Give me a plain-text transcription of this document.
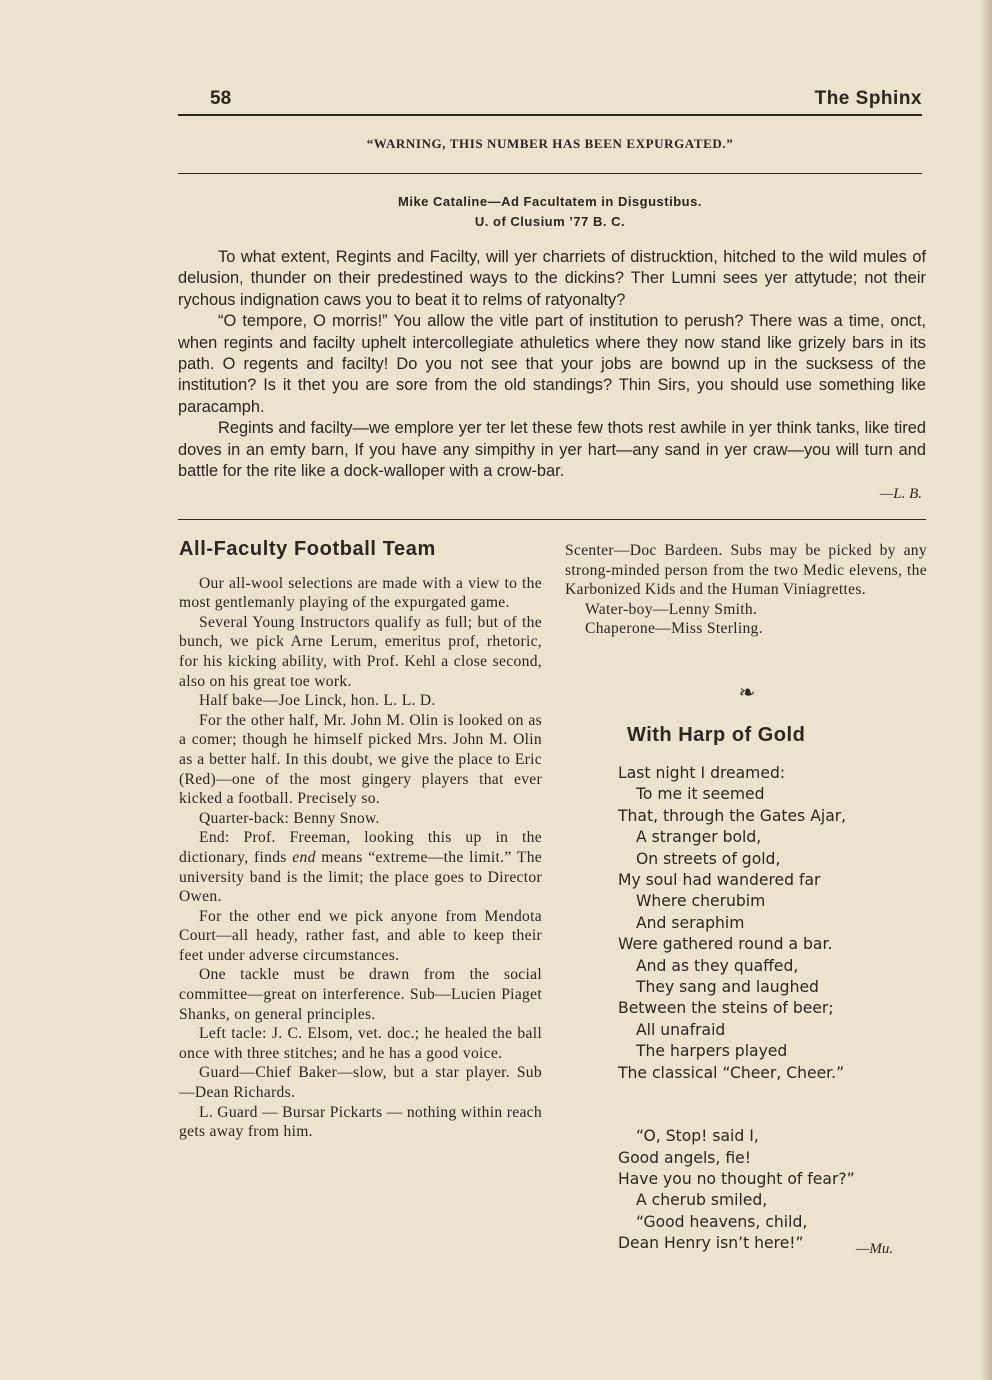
58	The Sphinx
“WARNING, THIS NUMBER HAS BEEN EXPURGATED.”
Mike Cataline—Ad Facultatem in Disgustibus.
U. of Clusium ’77 B. C.

To what extent, Regints and Facilty, will yer charriets of distrucktion, hitched to the wild mules of delusion, thunder on their predestined ways to the dickins? Ther Lumni sees yer attytude; not their rychous indignation caws you to beat it to relms of ratyonalty?

“O tempore, O morris!” You allow the vitle part of institution to perush? There was a time, onct, when regints and facilty uphelt intercollegiate athuletics where they now stand like grizely bars in its path. O regents and facilty! Do you not see that your jobs are bownd up in the sucksess of the institution? Is it thet you are sore from the old standings? Thin Sirs, you should use something like paracamph.

Regints and facilty—we emplore yer ter let these few thots rest awhile in yer think tanks, like tired doves in an emty barn, If you have any simpithy in yer hart—any sand in yer craw—you will turn and battle for the rite like a dock-walloper with a crow-bar.

—L. B.
All-Faculty Football Team

Our all-wool selections are made with a view to the most gentlemanly playing of the expurgated game.

Several Young Instructors qualify as full; but of the bunch, we pick Arne Lerum, emeritus prof, rhetoric, for his kicking ability, with Prof. Kehl a close second, also on his great toe work.

Half bake—Joe Linck, hon. L. L. D.

For the other half, Mr. John M. Olin is looked on as a comer; though he himself picked Mrs. John M. Olin as a better half. In this doubt, we give the place to Eric (Red)—one of the most gingery players that ever kicked a football. Precisely so.

Quarter-back: Benny Snow.

End: Prof. Freeman, looking this up in the dictionary, finds end means “extreme—the limit.” The university band is the limit; the place goes to Director Owen.

For the other end we pick anyone from Mendota Court—all heady, rather fast, and able to keep their feet under adverse circumstances.

One tackle must be drawn from the social committee—great on interference. Sub—Lucien Piaget Shanks, on general principles.

Left tacle: J. C. Elsom, vet. doc.; he healed the ball once with three stitches; and he has a good voice.

Guard—Chief Baker—slow, but a star player. Sub—Dean Richards.

L. Guard — Bursar Pickarts — nothing within reach gets away from him.

Scenter—Doc Bardeen. Subs may be picked by any strong-minded person from the two Medic elevens, the Karbonized Kids and the Human Viniagrettes.

Water-boy—Lenny Smith.

Chaperone—Miss Sterling.

❧
With Harp of Gold
Last night I dreamed:
To me it seemed
That, through the Gates Ajar,
A stranger bold,
On streets of gold,
My soul had wandered far
Where cherubim
And seraphim
Were gathered round a bar.
And as they quaffed,
They sang and laughed
Between the steins of beer;
All unafraid
The harpers played
The classical “Cheer, Cheer.”
“O, Stop! said I,
Good angels, fie!
Have you no thought of fear?”
A cherub smiled,
“Good heavens, child,
Dean Henry isn’t here!”	—Mu.
